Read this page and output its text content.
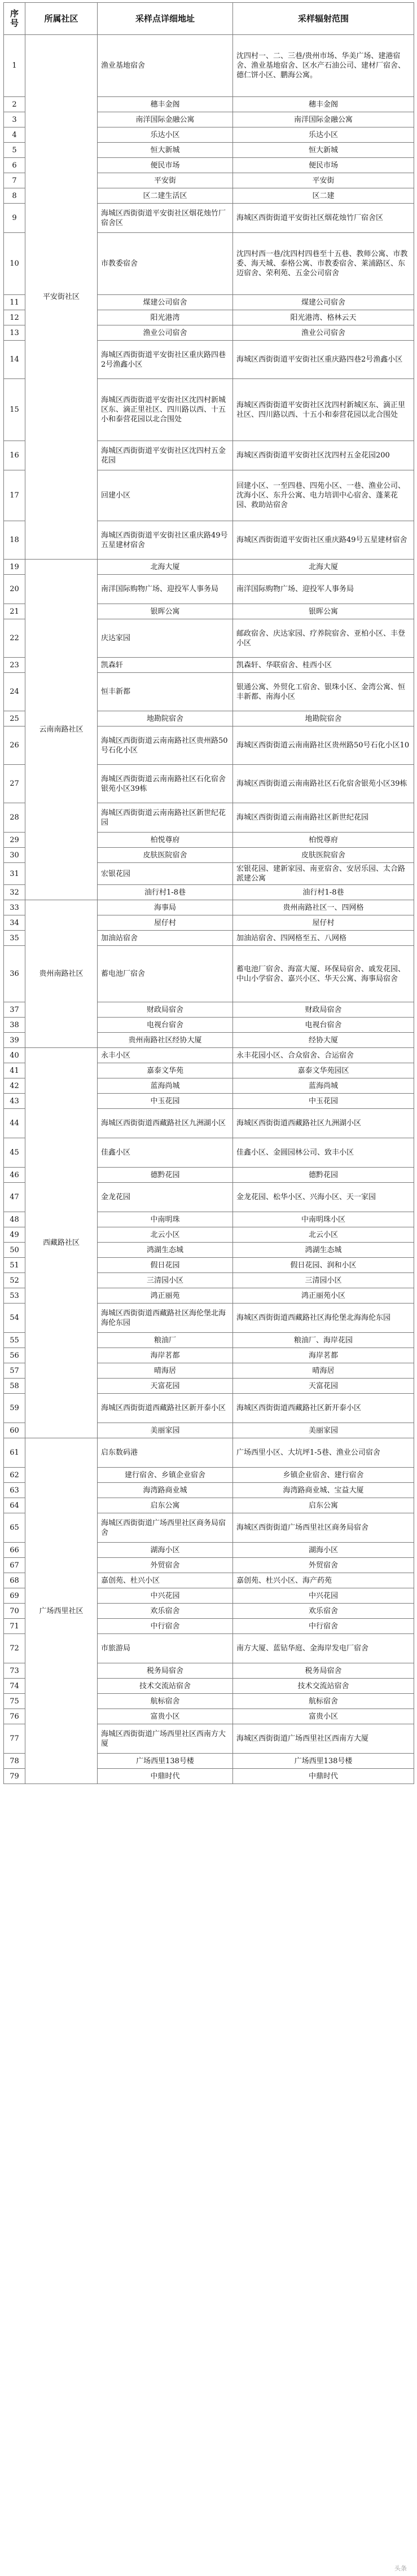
序号	所属社区	采样点详细地址	采样辐射范围
1	平安街社区	渔业基地宿舍	沈四村一、二、三巷/贵州市场、华美广场、建港宿舍、渔业基地宿舍、区水产石油公司、建材厂宿舍、德仁饼小区、鹏海公寓。
2		穗丰金阁	穗丰金阁
3		南洋国际金融公寓	南洋国际金融公寓
4		乐达小区	乐达小区
5		恒大新城	恒大新城
6		便民市场	便民市场
7		平安街	平安街
8		区二建生活区	区二建
9		海城区西街街道平安街社区烟花烛竹厂宿舍区	海城区西街街道平安街社区烟花烛竹厂宿舍区
10		市教委宿舍	沈四村西一巷/沈四村四巷至十五巷、教师公寓、市教委、海天城、泰格公寓、市教委宿舍、莱浦路区、东迈宿舍、荣利苑、五金公司宿舍
11		煤建公司宿舍	煤建公司宿舍
12		阳光港湾	阳光港湾、格林云天
13		渔业公司宿舍	渔业公司宿舍
14		海城区西街街道平安街社区重庆路四巷2号渔鑫小区	海城区西街街道平安街社区重庆路四巷2号渔鑫小区
15		海城区西街街道平安街社区沈四村新城区东、滴正里社区、四川路以西、十五小和泰营花园以北合围处	海城区西街街道平安街社区沈四村新城区东、滴正里社区、四川路以西、十五小和泰营花园以北合围处
16		海城区西街街道平安街社区沈四村五金花园	海城区西街街道平安街社区沈四村五金花园200
17		回建小区	回建小区、一至四巷、四苑小区、一巷、渔业公司、沈海小区、东升公寓、电力培训中心宿舍、蓬莱花园、救助站宿舍
18		海城区西街街道平安街社区重庆路49号五星建材宿舍	海城区西街街道平安街社区重庆路49号五星建材宿舍
19	云南南路社区	北海大厦	北海大厦
20		南洋国际购物广场、迎投军人事务局	南洋国际购物广场、迎投军人事务局
21		银晖公寓	银晖公寓
22		庆达家园	邮政宿舍、庆达家园、疗养院宿舍、亚柏小区、丰登小区
23		凯森轩	凯森轩、华联宿舍、桂西小区
24		恒丰新都	银通公寓、外贸化工宿舍、银珠小区、金湾公寓、恒丰新都、南海小区
25		地勘院宿舍	地勘院宿舍
26		海城区西街街道云南南路社区贵州路50号石化小区	海城区西街街道云南南路社区贵州路50号石化小区10
27		海城区西街街道云南南路社区石化宿舍银苑小区39栋	海城区西街街道云南南路社区石化宿舍银苑小区39栋
28		海城区西街街道云南南路社区新世纪花园	海城区西街街道云南南路社区新世纪花园
29		柏悦尊府	柏悦尊府
30		皮肤医院宿舍	皮肤医院宿舍
31		宏银花园	宏银花园、建新家园、南亚宿舍、安居乐园、太合路派建公寓
32		油行村1-8巷	油行村1-8巷
33	贵州南路社区	海事局	贵州南路社区一、四网格
34		屋仔村	屋仔村
35		加油站宿舍	加油站宿舍、四网格至五、八网格
36		蓄电池厂宿舍	蓄电池厂宿舍、海富大厦、环保局宿舍、戚发花园、中山小学宿舍、嘉兴小区、华天公寓、海事局宿舍
37		财政局宿舍	财政局宿舍
38		电视台宿舍	电视台宿舍
39		贵州南路社区经协大厦	经协大厦
40	西藏路社区	永丰小区	永丰花园小区、合众宿舍、合运宿舍
41		嘉泰文华苑	嘉泰文华苑园区
42		蓝海尚城	蓝海尚城
43		中玉花园	中玉花园
44		海城区西街街道西藏路社区九洲湖小区	海城区西街街道西藏路社区九洲湖小区
45		佳鑫小区	佳鑫小区、金圆园林公司、致丰小区
46		德黔花园	德黔花园
47		金龙花园	金龙花园、松华小区、兴海小区、天一家园
48		中南明珠	中南明珠小区
49		北云小区	北云小区
50		鸿湖生态城	鸿湖生态城
51		假日花园	假日花园、润和小区
52		三清园小区	三清园小区
53		鸿正丽苑	鸿正丽苑小区
54		海城区西街街道西藏路社区海伦堡北海海伦东园	海城区西街街道西藏路社区海伦堡北海海伦东园
55		粮油厂	粮油厂、海岸花园
56		海岸茗都	海岸茗都
57		晴海居	晴海居
58		天富花园	天富花园
59		海城区西街街道西藏路社区新开泰小区	海城区西街街道西藏路社区新开泰小区
60		美丽家园	美丽家园
61	广场西里社区	启东数码港	广场西里小区、大坑坪1-5巷、渔业公司宿舍
62		建行宿舍、乡镇企业宿舍	乡镇企业宿舍、建行宿舍
63		海湾路商业城	海湾路商业城、宝益大厦
64		启东公寓	启东公寓
65		海城区西街街道广场西里社区商务局宿舍	海城区西街街道广场西里社区商务局宿舍
66		湖海小区	湖海小区
67		外贸宿舍	外贸宿舍
68		嘉创苑、杜兴小区	嘉创苑、杜兴小区、海产药苑
69		中兴花园	中兴花园
70		欢乐宿舍	欢乐宿舍
71		中行宿舍	中行宿舍
72		市旅游局	南方大厦、蓝钻华庭、金海岸发电厂宿舍
73		税务局宿舍	税务局宿舍
74		技术交流站宿舍	技术交流站宿舍
75		航标宿舍	航标宿舍
76		富贵小区	富贵小区
77		海城区西街街道广场西里社区西南方大厦	海城区西街街道广场西里社区西南方大厦
78		广场西里138号楼	广场西里138号楼
79		中鼎时代	中鼎时代
头条
